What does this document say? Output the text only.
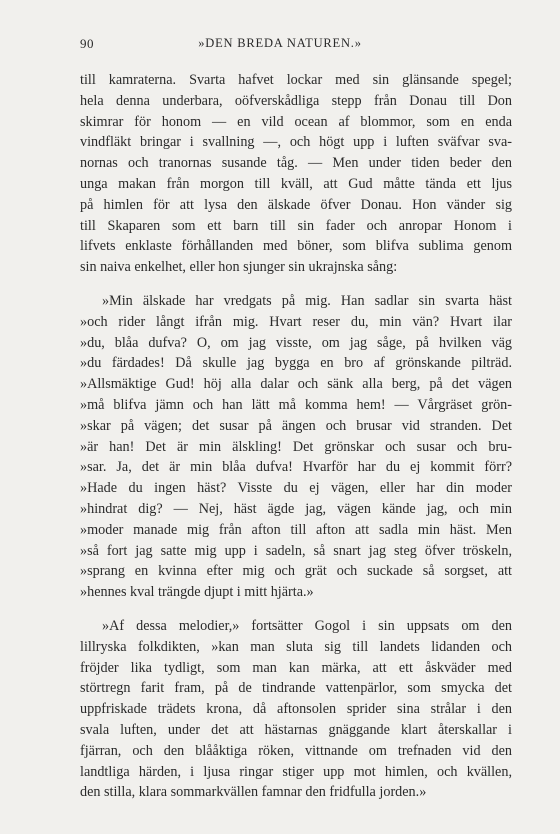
90	»DEN BREDA NATUREN.»
till kamraterna. Svarta hafvet lockar med sin glänsande spegel;
hela denna underbara, oöfverskådliga stepp från Donau till Don
skimrar för honom — en vild ocean af blommor, som en enda
vindfläkt bringar i svallning —, och högt upp i luften sväfvar sva-
nornas och tranornas susande tåg. — Men under tiden beder den
unga makan från morgon till kväll, att Gud måtte tända ett ljus
på himlen för att lysa den älskade öfver Donau. Hon vänder sig
till Skaparen som ett barn till sin fader och anropar Honom i
lifvets enklaste förhållanden med böner, som blifva sublima genom
sin naiva enkelhet, eller hon sjunger sin ukrajnska sång:
»Min älskade har vredgats på mig. Han sadlar sin svarta häst
»och rider långt ifrån mig. Hvart reser du, min vän? Hvart ilar
»du, blåa dufva? O, om jag visste, om jag såge, på hvilken väg
»du färdades! Då skulle jag bygga en bro af grönskande pilträd.
»Allsmäktige Gud! höj alla dalar och sänk alla berg, på det vägen
»må blifva jämn och han lätt må komma hem! — Vårgräset grön-
»skar på vägen; det susar på ängen och brusar vid stranden. Det
»är han! Det är min älskling! Det grönskar och susar och bru-
»sar. Ja, det är min blåa dufva! Hvarför har du ej kommit förr?
»Hade du ingen häst? Visste du ej vägen, eller har din moder
»hindrat dig? — Nej, häst ägde jag, vägen kände jag, och min
»moder manade mig från afton till afton att sadla min häst. Men
»så fort jag satte mig upp i sadeln, så snart jag steg öfver tröskeln,
»sprang en kvinna efter mig och grät och suckade så sorgset, att
»hennes kval trängde djupt i mitt hjärta.»
»Af dessa melodier,» fortsätter Gogol i sin uppsats om den
lillryska folkdikten, »kan man sluta sig till landets lidanden och
fröjder lika tydligt, som man kan märka, att ett åskväder med
störtregn farit fram, på de tindrande vattenpärlor, som smycka det
uppfriskade trädets krona, då aftonsolen sprider sina strålar i den
svala luften, under det att hästarnas gnäggande klart återskallar i
fjärran, och den blååktiga röken, vittnande om trefnaden vid den
landtliga härden, i ljusa ringar stiger upp mot himlen, och kvällen,
den stilla, klara sommarkvällen famnar den fridfulla jorden.»
